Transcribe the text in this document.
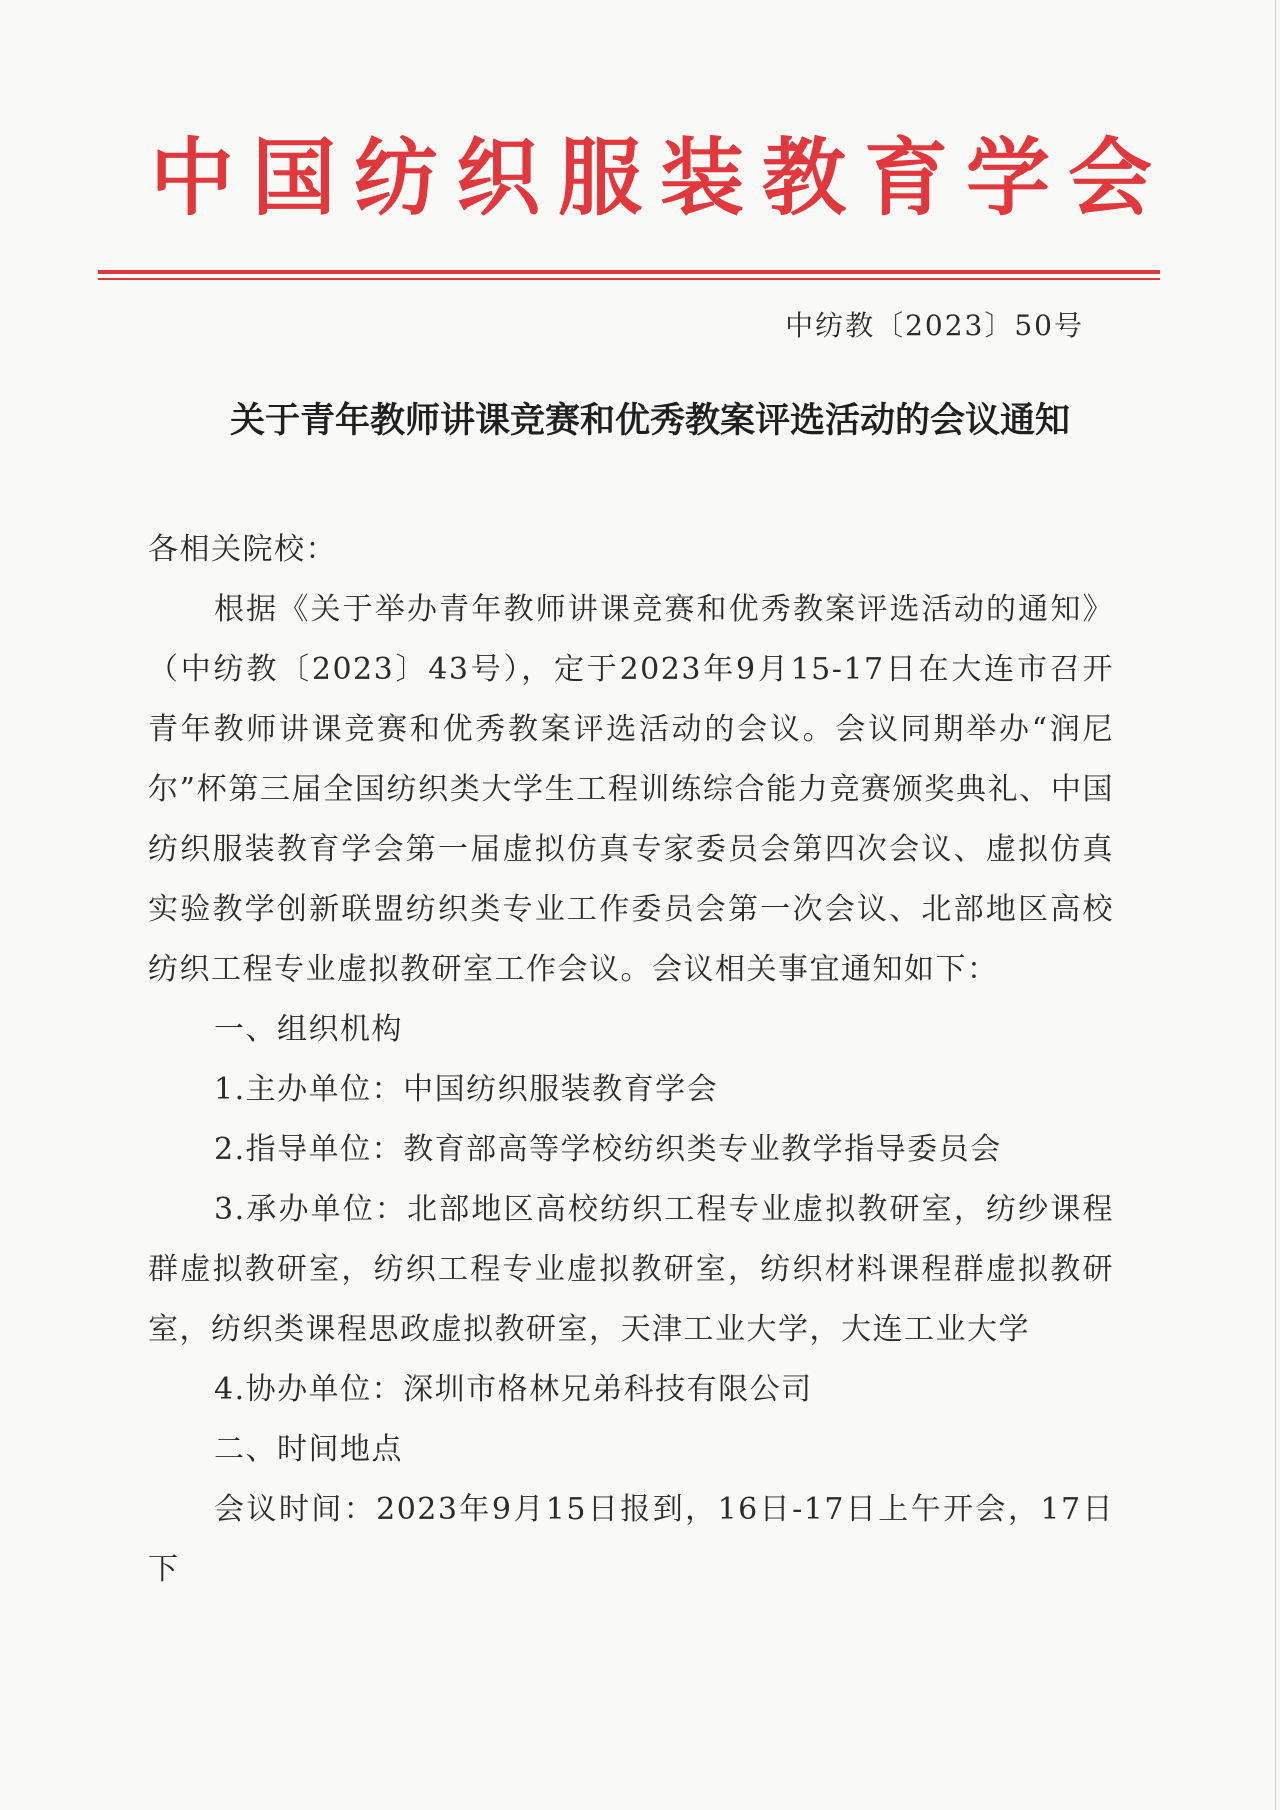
中国纺织服装教育学会
中纺教〔2023〕50号
关于青年教师讲课竞赛和优秀教案评选活动的会议通知

各相关院校：

根据《关于举办青年教师讲课竞赛和优秀教案评选活动的通知》（中纺教〔2023〕43号），定于2023年9月15-17日在大连市召开青年教师讲课竞赛和优秀教案评选活动的会议。会议同期举办“润尼尔”杯第三届全国纺织类大学生工程训练综合能力竞赛颁奖典礼、中国纺织服装教育学会第一届虚拟仿真专家委员会第四次会议、虚拟仿真实验教学创新联盟纺织类专业工作委员会第一次会议、北部地区高校纺织工程专业虚拟教研室工作会议。会议相关事宜通知如下：

一、组织机构

1.主办单位：中国纺织服装教育学会

2.指导单位：教育部高等学校纺织类专业教学指导委员会

3.承办单位：北部地区高校纺织工程专业虚拟教研室，纺纱课程群虚拟教研室，纺织工程专业虚拟教研室，纺织材料课程群虚拟教研室，纺织类课程思政虚拟教研室，天津工业大学，大连工业大学

4.协办单位：深圳市格林兄弟科技有限公司

二、时间地点

会议时间：2023年9月15日报到，16日-17日上午开会，17日下
